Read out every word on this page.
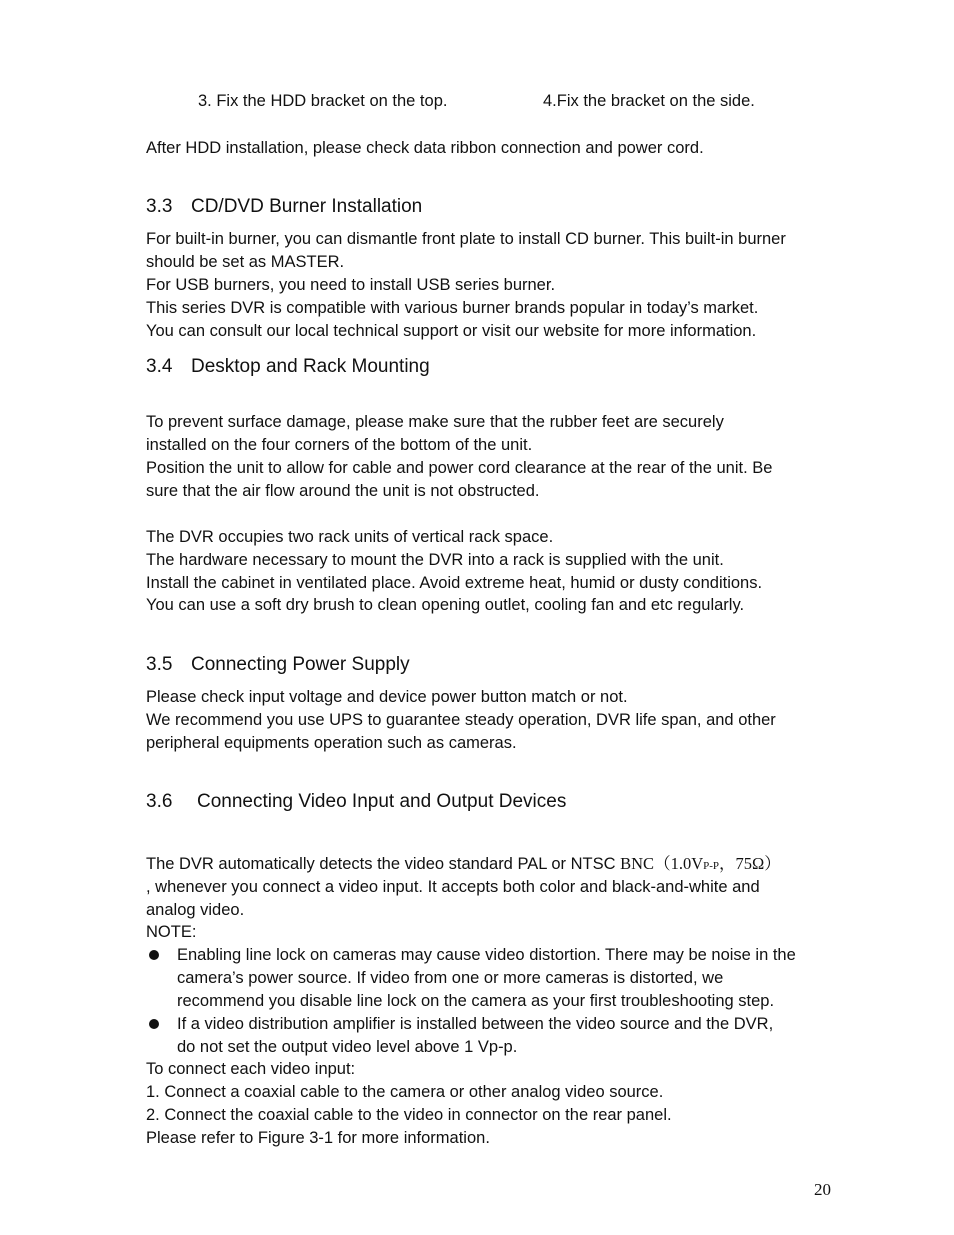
3. Fix the HDD bracket on the top.	4.Fix the bracket on the side.
After HDD installation, please check data ribbon connection and power cord.
3.3 CD/DVD Burner Installation
For built-in burner, you can dismantle front plate to install CD burner. This built-in burner
should be set as MASTER.
For USB burners, you need to install USB series burner.
This series DVR is compatible with various burner brands popular in today’s market.
You can consult our local technical support or visit our website for more information.
3.4 Desktop and Rack Mounting
To prevent surface damage, please make sure that the rubber feet are securely
installed on the four corners of the bottom of the unit.
Position the unit to allow for cable and power cord clearance at the rear of the unit. Be
sure that the air flow around the unit is not obstructed.
The DVR occupies two rack units of vertical rack space.
The hardware necessary to mount the DVR into a rack is supplied with the unit.
Install the cabinet in ventilated place. Avoid extreme heat, humid or dusty conditions.
You can use a soft dry brush to clean opening outlet, cooling fan and etc regularly.
3.5 Connecting Power Supply
Please check input voltage and device power button match or not.
We recommend you use UPS to guarantee steady operation, DVR life span, and other
peripheral equipments operation such as cameras.
3.6 Connecting Video Input and Output Devices
The DVR automatically detects the video standard PAL or NTSC BNC（1.0VP-P，75Ω）
, whenever you connect a video input. It accepts both color and black-and-white and
analog video.
NOTE:
Enabling line lock on cameras may cause video distortion. There may be noise in the
camera’s power source. If video from one or more cameras is distorted, we
recommend you disable line lock on the camera as your first troubleshooting step.
If a video distribution amplifier is installed between the video source and the DVR,
do not set the output video level above 1 Vp-p.
To connect each video input:
1. Connect a coaxial cable to the camera or other analog video source.
2. Connect the coaxial cable to the video in connector on the rear panel.
Please refer to Figure 3-1 for more information.
20
